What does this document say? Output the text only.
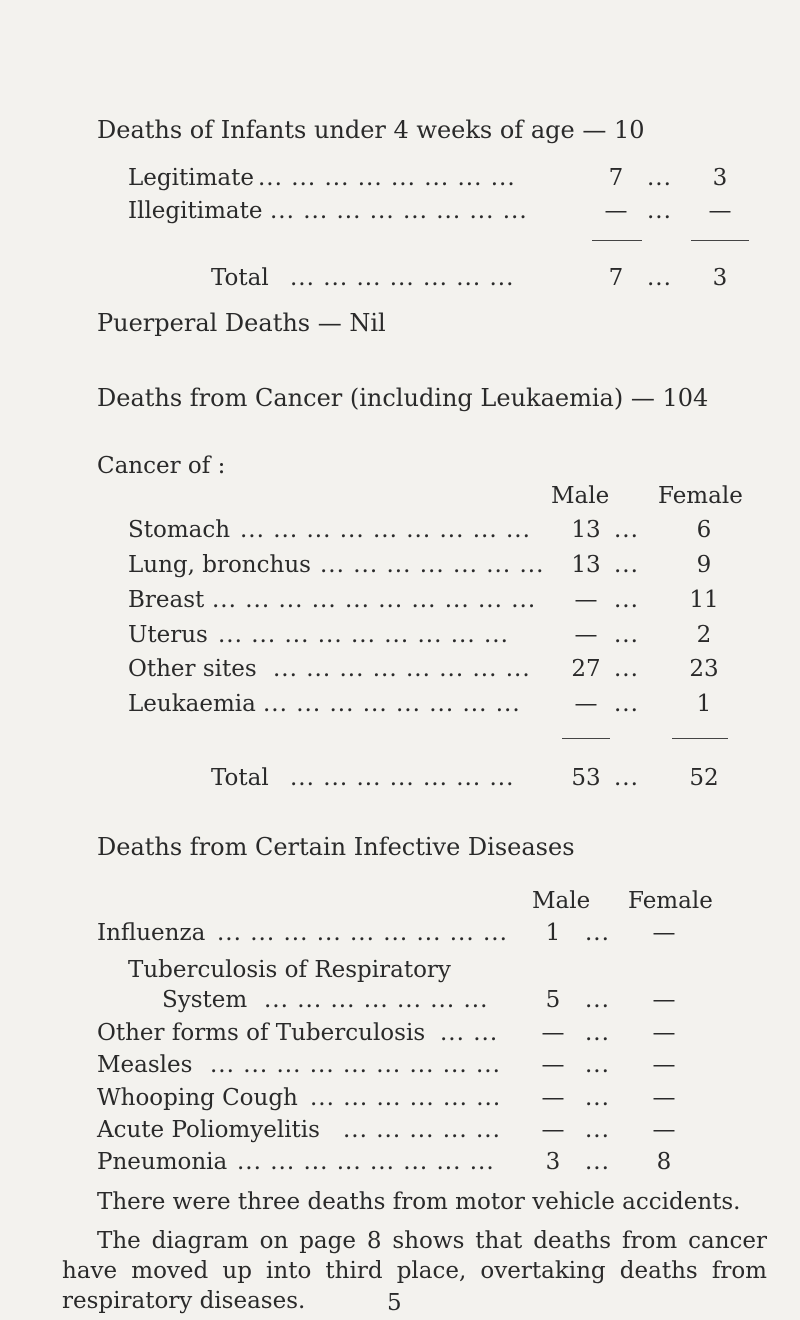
Deaths of Infants under 4 weeks of age — 10
Legitimate ... ... ... ... ... ... ... ...	7	...	3
Illegitimate ... ... ... ... ... ... ... ...	— ...	—
Total ... ... ... ... ... ... ...	7	...	3
Puerperal Deaths — Nil
Deaths from Cancer (including Leukaemia) — 104
Cancer of :
Male Female
Stomach ... ... ... ... ... ... ... ... ...	13 ...	6
Lung, bronchus ... ... ... ... ... ... ...	13 ...	9
Breast ... ... ... ... ... ... ... ... ... ...	— ...	11
Uterus ... ... ... ... ... ... ... ... ...	— ...	2
Other sites ... ... ... ... ... ... ... ...	27 ...	23
Leukaemia ... ... ... ... ... ... ... ...	— ...	1
Total ... ... ... ... ... ... ...	53 ...	52
Deaths from Certain Infective Diseases
Male Female
Influenza ... ... ... ... ... ... ... ... ...	1	...	—
Tuberculosis of Respiratory
System ... ... ... ... ... ... ...	5	...	—
Other forms of Tuberculosis ... ...	— ...	—
Measles ... ... ... ... ... ... ... ... ...	— ...	—
Whooping Cough ... ... ... ... ... ...	— ...	—
Acute Poliomyelitis ... ... ... ... ...	— ...	—
Pneumonia ... ... ... ... ... ... ... ...	3	...	8
There were three deaths from motor vehicle accidents.
The diagram on page 8 shows that deaths from cancer have moved up into third place, overtaking deaths from respiratory diseases.	5
